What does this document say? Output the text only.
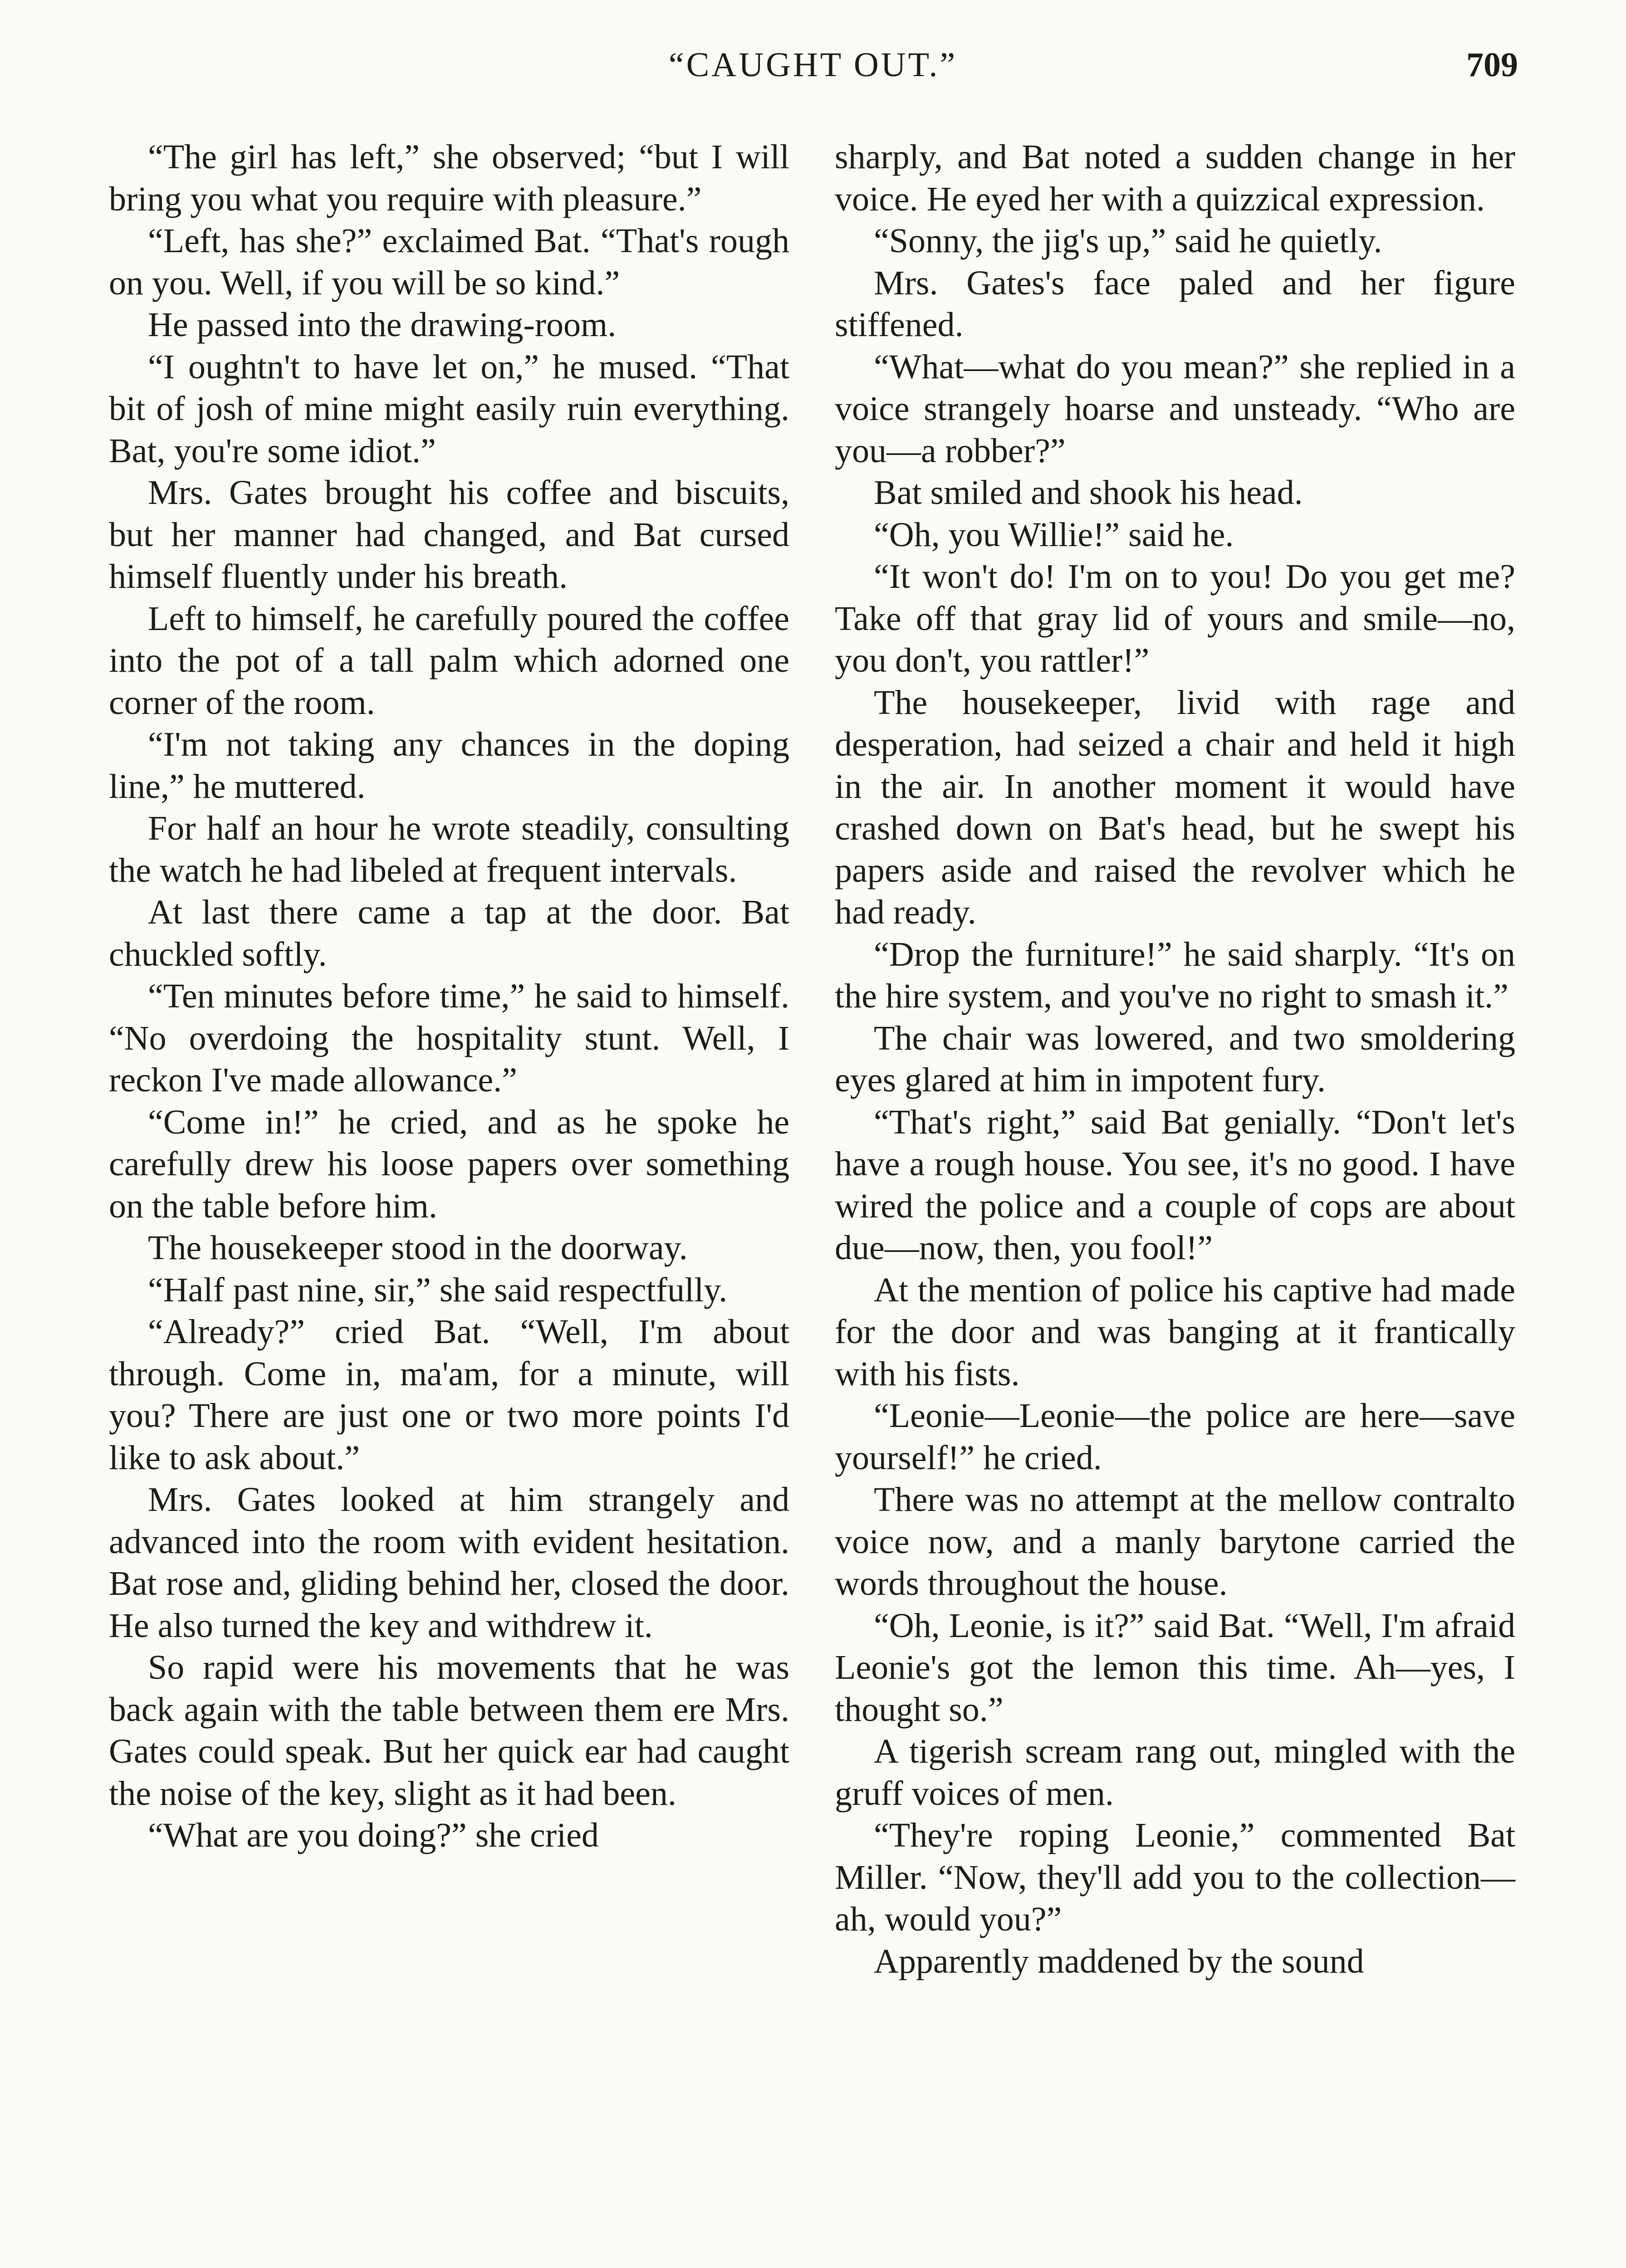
“CAUGHT OUT.”	709

“The girl has left,” she observed; “but I will bring you what you require with pleasure.”

“Left, has she?” exclaimed Bat. “That's rough on you. Well, if you will be so kind.”

He passed into the drawing-room.

“I oughtn't to have let on,” he mused. “That bit of josh of mine might easily ruin everything. Bat, you're some idiot.”

Mrs. Gates brought his coffee and biscuits, but her manner had changed, and Bat cursed himself fluently under his breath.

Left to himself, he carefully poured the coffee into the pot of a tall palm which adorned one corner of the room.

“I'm not taking any chances in the doping line,” he muttered.

For half an hour he wrote steadily, consulting the watch he had libeled at frequent intervals.

At last there came a tap at the door. Bat chuckled softly.

“Ten minutes before time,” he said to himself. “No overdoing the hospitality stunt. Well, I reckon I've made allowance.”

“Come in!” he cried, and as he spoke he carefully drew his loose papers over something on the table before him.

The housekeeper stood in the doorway.

“Half past nine, sir,” she said respectfully.

“Already?” cried Bat. “Well, I'm about through. Come in, ma'am, for a minute, will you? There are just one or two more points I'd like to ask about.”

Mrs. Gates looked at him strangely and advanced into the room with evident hesitation. Bat rose and, gliding behind her, closed the door. He also turned the key and withdrew it.

So rapid were his movements that he was back again with the table between them ere Mrs. Gates could speak. But her quick ear had caught the noise of the key, slight as it had been.

“What are you doing?” she cried

sharply, and Bat noted a sudden change in her voice. He eyed her with a quizzical expression.

“Sonny, the jig's up,” said he quietly.

Mrs. Gates's face paled and her figure stiffened.

“What—what do you mean?” she replied in a voice strangely hoarse and unsteady. “Who are you—a robber?”

Bat smiled and shook his head.

“Oh, you Willie!” said he.

“It won't do! I'm on to you! Do you get me? Take off that gray lid of yours and smile—no, you don't, you rattler!”

The housekeeper, livid with rage and desperation, had seized a chair and held it high in the air. In another moment it would have crashed down on Bat's head, but he swept his papers aside and raised the revolver which he had ready.

“Drop the furniture!” he said sharply. “It's on the hire system, and you've no right to smash it.”

The chair was lowered, and two smoldering eyes glared at him in impotent fury.

“That's right,” said Bat genially. “Don't let's have a rough house. You see, it's no good. I have wired the police and a couple of cops are about due—now, then, you fool!”

At the mention of police his captive had made for the door and was banging at it frantically with his fists.

“Leonie—Leonie—the police are here—save yourself!” he cried.

There was no attempt at the mellow contralto voice now, and a manly barytone carried the words throughout the house.

“Oh, Leonie, is it?” said Bat. “Well, I'm afraid Leonie's got the lemon this time. Ah—yes, I thought so.”

A tigerish scream rang out, mingled with the gruff voices of men.

“They're roping Leonie,” commented Bat Miller. “Now, they'll add you to the collection—ah, would you?”

Apparently maddened by the sound
